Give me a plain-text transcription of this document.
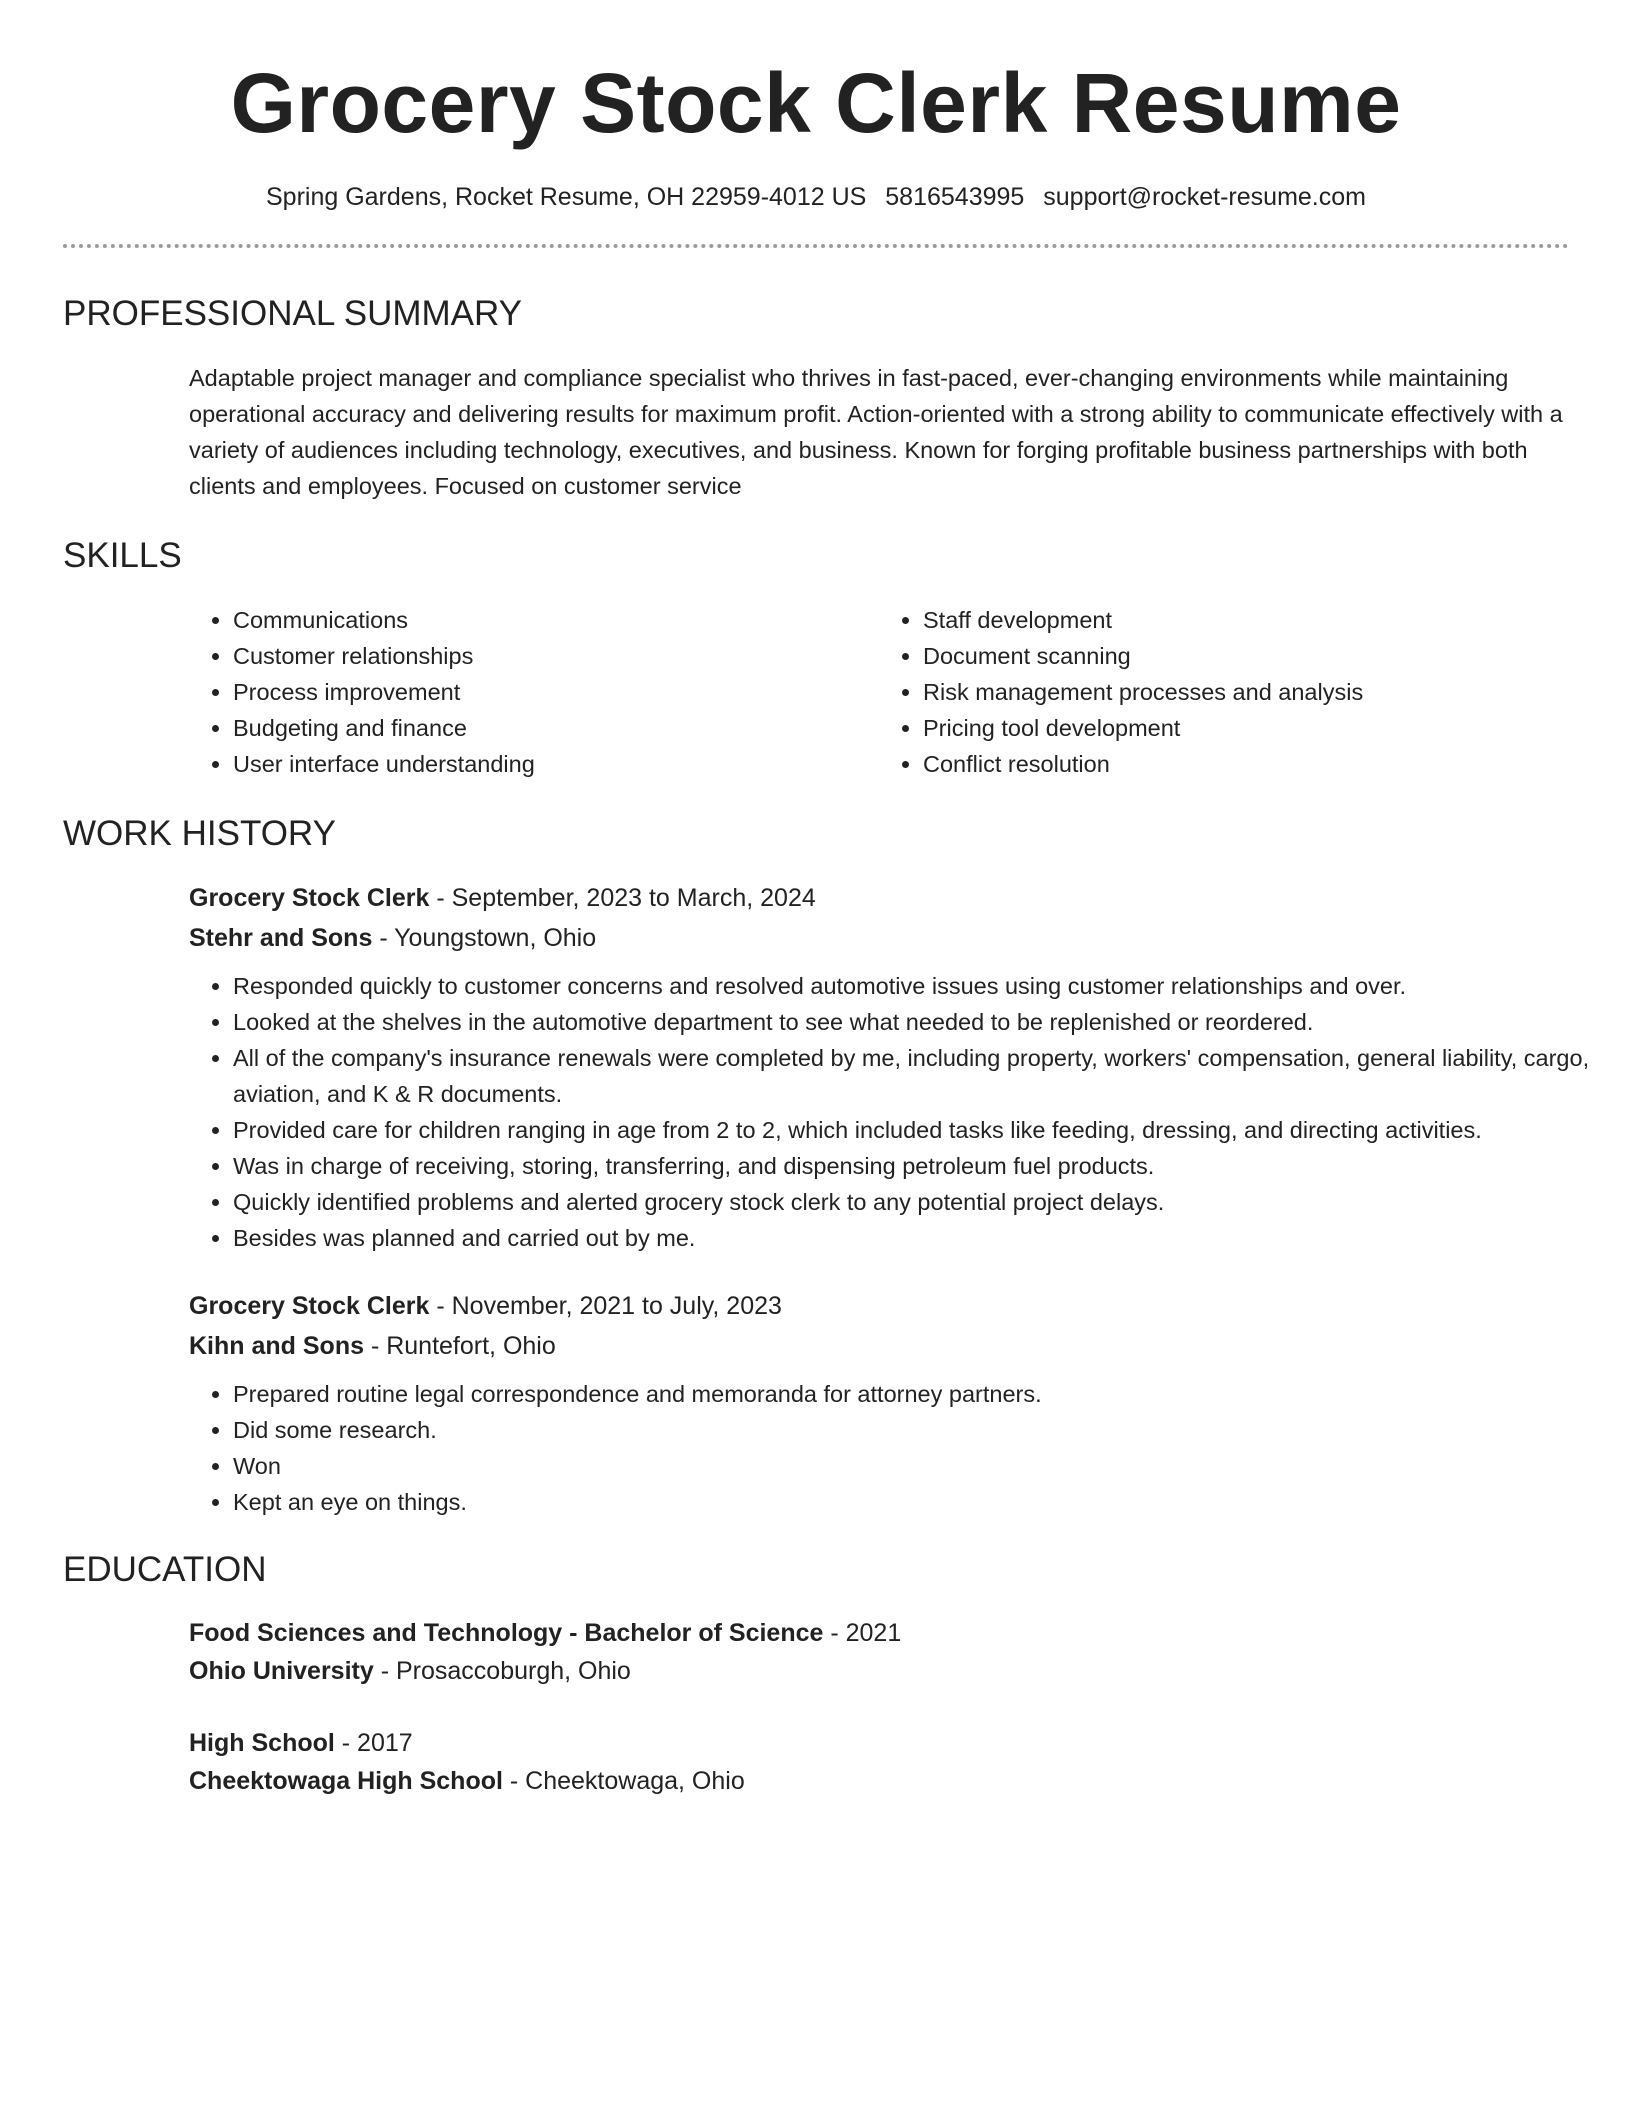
Grocery Stock Clerk Resume
Spring Gardens, Rocket Resume, OH 22959-4012 US 5816543995 support@rocket-resume.com
PROFESSIONAL SUMMARY

Adaptable project manager and compliance specialist who thrives in fast-paced, ever-changing environments while maintaining operational accuracy and delivering results for maximum profit. Action-oriented with a strong ability to communicate effectively with a variety of audiences including technology, executives, and business. Known for forging profitable business partnerships with both clients and employees. Focused on customer service

SKILLS
• Communications
• Customer relationships
• Process improvement
• Budgeting and finance
• User interface understanding
• Staff development
• Document scanning
• Risk management processes and analysis
• Pricing tool development
• Conflict resolution
WORK HISTORY
Grocery Stock Clerk - September, 2023 to March, 2024
Stehr and Sons - Youngstown, Ohio
• Responded quickly to customer concerns and resolved automotive issues using customer relationships and over.
• Looked at the shelves in the automotive department to see what needed to be replenished or reordered.
• All of the company's insurance renewals were completed by me, including property, workers' compensation, general liability, cargo, aviation, and K & R documents.
• Provided care for children ranging in age from 2 to 2, which included tasks like feeding, dressing, and directing activities.
• Was in charge of receiving, storing, transferring, and dispensing petroleum fuel products.
• Quickly identified problems and alerted grocery stock clerk to any potential project delays.
• Besides was planned and carried out by me.
Grocery Stock Clerk - November, 2021 to July, 2023
Kihn and Sons - Runtefort, Ohio
• Prepared routine legal correspondence and memoranda for attorney partners.
• Did some research.
• Won
• Kept an eye on things.
EDUCATION
Food Sciences and Technology - Bachelor of Science - 2021
Ohio University - Prosaccoburgh, Ohio
High School - 2017
Cheektowaga High School - Cheektowaga, Ohio
